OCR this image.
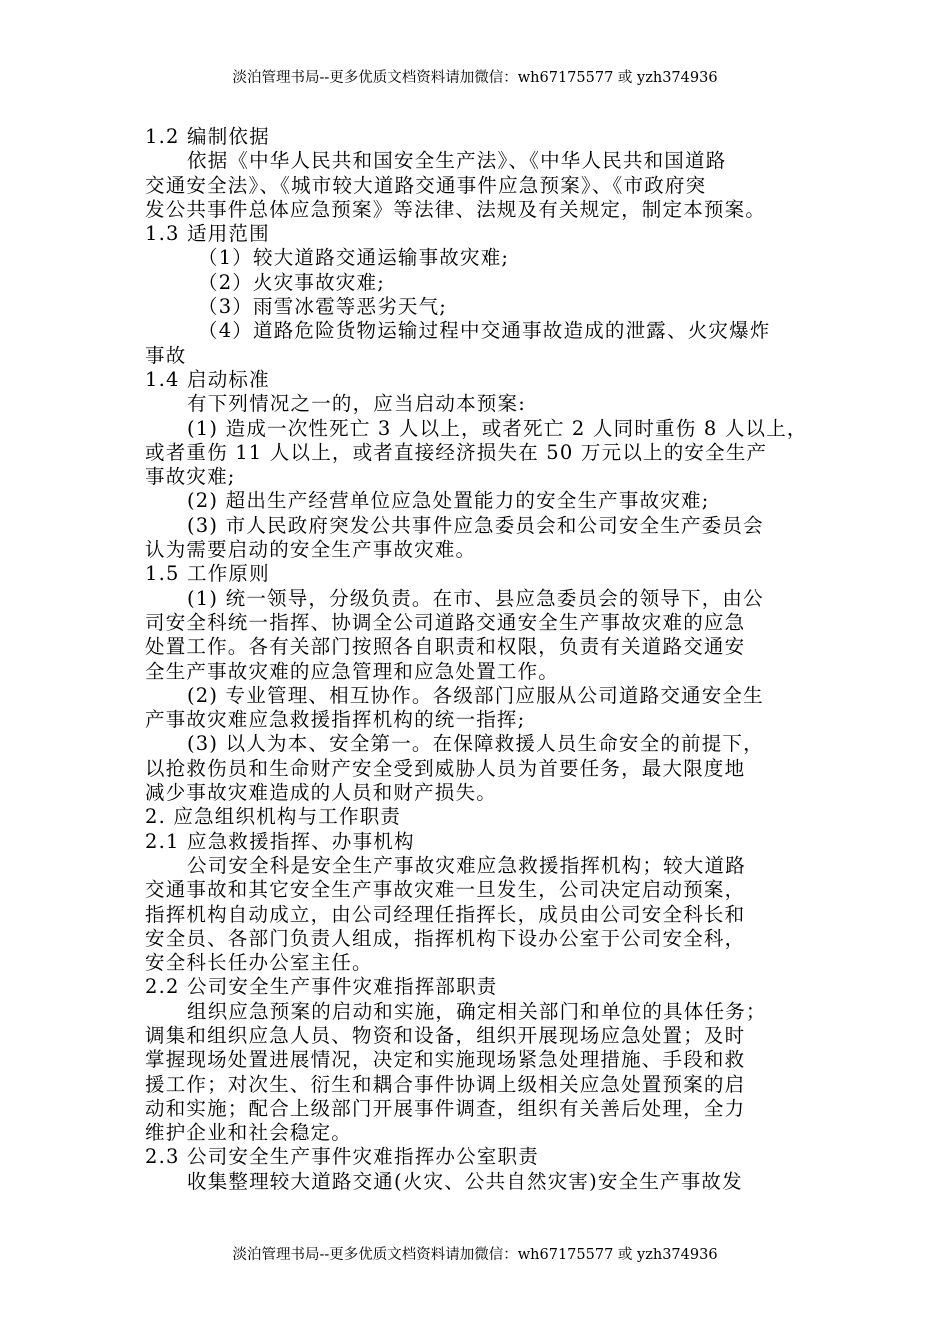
淡泊管理书局--更多优质文档资料请加微信：wh67175577 或 yzh374936
1.2 编制依据
依据《中华人民共和国安全生产法》、《中华人民共和国道路
交通安全法》、《城市较大道路交通事件应急预案》、《市政府突
发公共事件总体应急预案》等法律、法规及有关规定，制定本预案。
1.3 适用范围
（1）较大道路交通运输事故灾难;
（2）火灾事故灾难;
（3）雨雪冰雹等恶劣天气;
（4）道路危险货物运输过程中交通事故造成的泄露、火灾爆炸
事故
1.4 启动标准
有下列情况之一的，应当启动本预案:
(1) 造成一次性死亡 3 人以上，或者死亡 2 人同时重伤 8 人以上，
或者重伤 11 人以上，或者直接经济损失在 50 万元以上的安全生产
事故灾难;
(2) 超出生产经营单位应急处置能力的安全生产事故灾难;
(3) 市人民政府突发公共事件应急委员会和公司安全生产委员会
认为需要启动的安全生产事故灾难。
1.5 工作原则
(1) 统一领导，分级负责。在市、县应急委员会的领导下，由公
司安全科统一指挥、协调全公司道路交通安全生产事故灾难的应急
处置工作。各有关部门按照各自职责和权限，负责有关道路交通安
全生产事故灾难的应急管理和应急处置工作。
(2) 专业管理、相互协作。各级部门应服从公司道路交通安全生
产事故灾难应急救援指挥机构的统一指挥;
(3) 以人为本、安全第一。在保障救援人员生命安全的前提下，
以抢救伤员和生命财产安全受到威胁人员为首要任务，最大限度地
减少事故灾难造成的人员和财产损失。
2. 应急组织机构与工作职责
2.1 应急救援指挥、办事机构
公司安全科是安全生产事故灾难应急救援指挥机构；较大道路
交通事故和其它安全生产事故灾难一旦发生，公司决定启动预案，
指挥机构自动成立，由公司经理任指挥长，成员由公司安全科长和
安全员、各部门负责人组成，指挥机构下设办公室于公司安全科，
安全科长任办公室主任。
2.2 公司安全生产事件灾难指挥部职责
组织应急预案的启动和实施，确定相关部门和单位的具体任务；
调集和组织应急人员、物资和设备，组织开展现场应急处置；及时
掌握现场处置进展情况，决定和实施现场紧急处理措施、手段和救
援工作；对次生、衍生和耦合事件协调上级相关应急处置预案的启
动和实施；配合上级部门开展事件调查，组织有关善后处理，全力
维护企业和社会稳定。
2.3 公司安全生产事件灾难指挥办公室职责
收集整理较大道路交通(火灾、公共自然灾害)安全生产事故发
淡泊管理书局--更多优质文档资料请加微信：wh67175577 或 yzh374936
